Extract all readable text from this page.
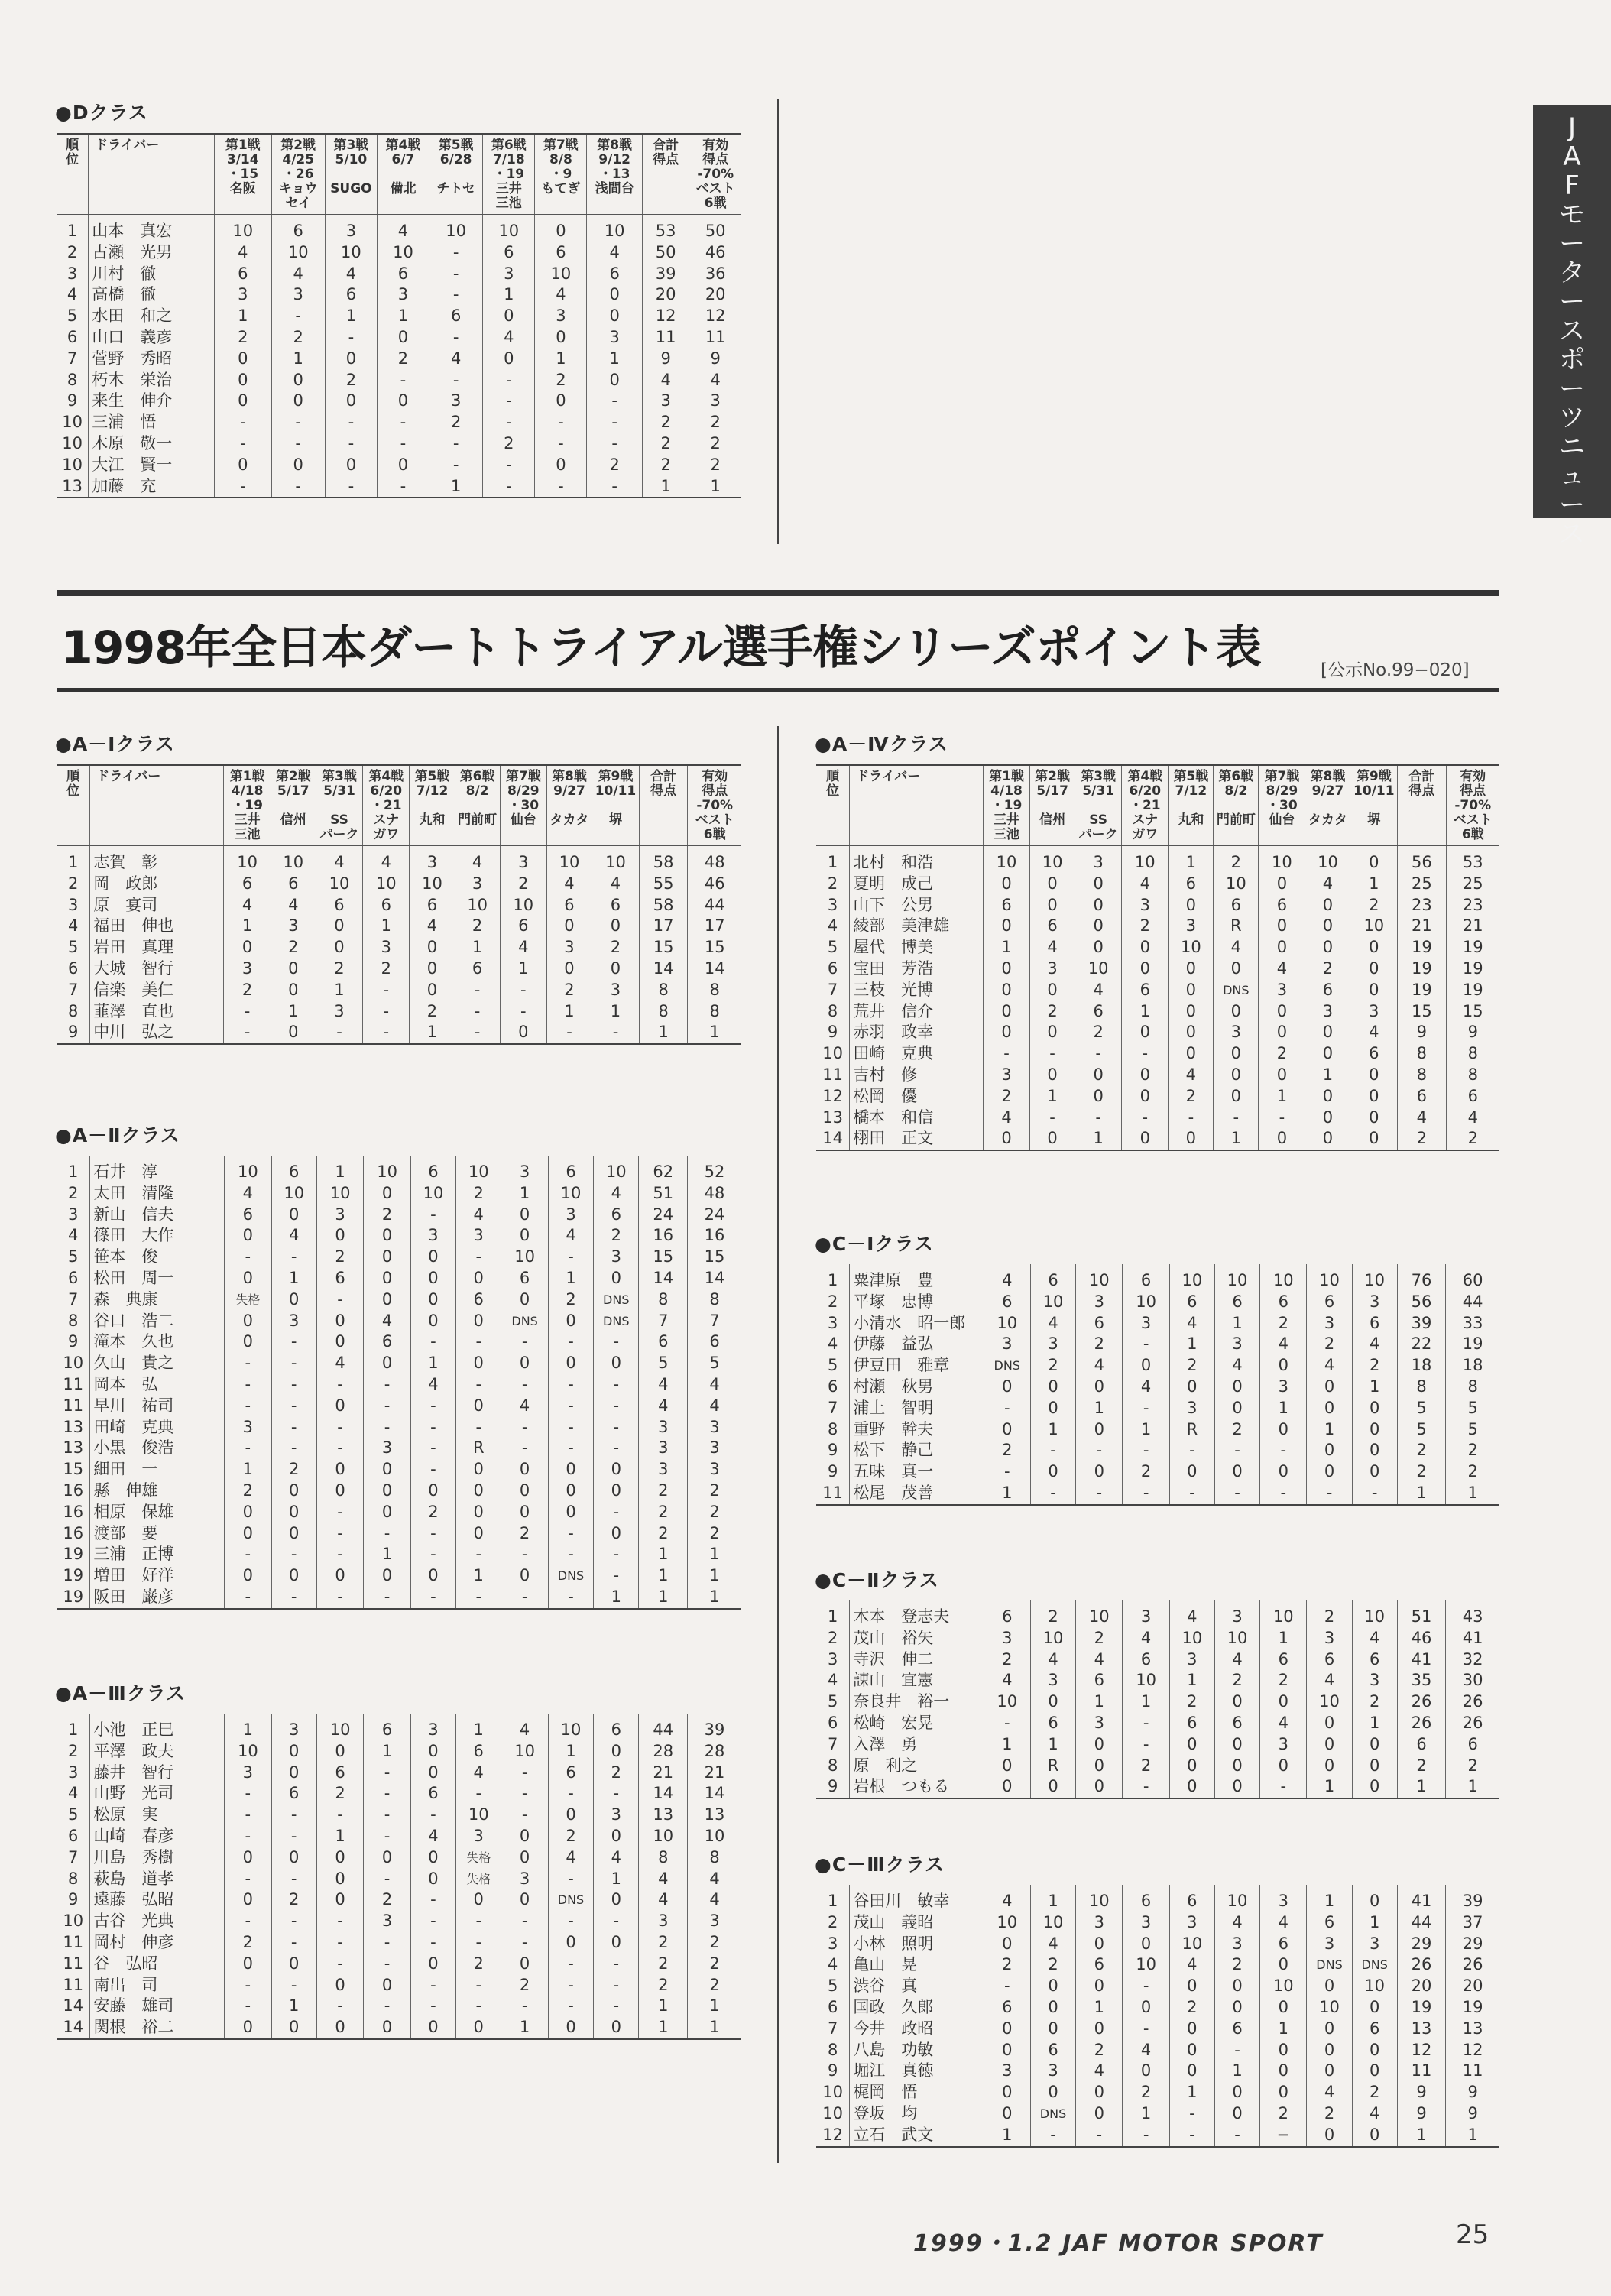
J
A
F
モ
ー
タ
ー
ス
ポ
ー
ツ
ニ
ュ
ー
ス
●Dクラス
順
位	ドライバー	第1戦
3/14
・15
名阪	第2戦
4/25
・26
キョウ
セイ	第3戦
5/10

SUGO	第4戦
6/7

備北	第5戦
6/28

チトセ	第6戦
7/18
・19
三井
三池	第7戦
8/8
・9
もてぎ	第8戦
9/12
・13
浅間台	合計
得点	有効
得点
-70%
ベスト
6戦
1	山本　真宏	10	6	3	4	10	10	0	10	53	50
2	古瀬　光男	4	10	10	10	-	6	6	4	50	46
3	川村　徹	6	4	4	6	-	3	10	6	39	36
4	高橋　徹	3	3	6	3	-	1	4	0	20	20
5	水田　和之	1	-	1	1	6	0	3	0	12	12
6	山口　義彦	2	2	-	0	-	4	0	3	11	11
7	菅野　秀昭	0	1	0	2	4	0	1	1	9	9
8	朽木　栄治	0	0	2	-	-	-	2	0	4	4
9	来生　伸介	0	0	0	0	3	-	0	-	3	3
10	三浦　悟	-	-	-	-	2	-	-	-	2	2
10	木原　敬一	-	-	-	-	-	2	-	-	2	2
10	大江　賢一	0	0	0	0	-	-	0	2	2	2
13	加藤　充	-	-	-	-	1	-	-	-	1	1
1998年全日本ダートトライアル選手権シリーズポイント表	[公示No.99−020]
●A－Ⅰクラス
順
位	ドライバー	第1戦
4/18
・19
三井
三池	第2戦
5/17

信州	第3戦
5/31

SS
パーク	第4戦
6/20
・21
スナ
ガワ	第5戦
7/12

丸和	第6戦
8/2

門前町	第7戦
8/29
・30
仙台	第8戦
9/27

タカタ	第9戦
10/11

堺	合計
得点	有効
得点
-70%
ベスト
6戦
1	志賀　彰	10	10	4	4	3	4	3	10	10	58	48
2	岡　政郎	6	6	10	10	10	3	2	4	4	55	46
3	原　宴司	4	4	6	6	6	10	10	6	6	58	44
4	福田　伸也	1	3	0	1	4	2	6	0	0	17	17
5	岩田　真理	0	2	0	3	0	1	4	3	2	15	15
6	大城　智行	3	0	2	2	0	6	1	0	0	14	14
7	信楽　美仁	2	0	1	-	0	-	-	2	3	8	8
8	韮澤　直也	-	1	3	-	2	-	-	1	1	8	8
9	中川　弘之	-	0	-	-	1	-	0	-	-	1	1
●A－Ⅱクラス
1	石井　淳	10	6	1	10	6	10	3	6	10	62	52
2	太田　清隆	4	10	10	0	10	2	1	10	4	51	48
3	新山　信夫	6	0	3	2	-	4	0	3	6	24	24
4	篠田　大作	0	4	0	0	3	3	0	4	2	16	16
5	笹本　俊	-	-	2	0	0	-	10	-	3	15	15
6	松田　周一	0	1	6	0	0	0	6	1	0	14	14
7	森　典康	失格	0	-	0	0	6	0	2	DNS	8	8
8	谷口　浩二	0	3	0	4	0	0	DNS	0	DNS	7	7
9	滝本　久也	0	-	0	6	-	-	-	-	-	6	6
10	久山　貴之	-	-	4	0	1	0	0	0	0	5	5
11	岡本　弘	-	-	-	-	4	-	-	-	-	4	4
11	早川　祐司	-	-	0	-	-	0	4	-	-	4	4
13	田崎　克典	3	-	-	-	-	-	-	-	-	3	3
13	小黒　俊浩	-	-	-	3	-	R	-	-	-	3	3
15	細田　一	1	2	0	0	-	0	0	0	0	3	3
16	縣　伸雄	2	0	0	0	0	0	0	0	0	2	2
16	相原　保雄	0	0	-	0	2	0	0	0	-	2	2
16	渡部　要	0	0	-	-	-	0	2	-	0	2	2
19	三浦　正博	-	-	-	1	-	-	-	-	-	1	1
19	増田　好洋	0	0	0	0	0	1	0	DNS	-	1	1
19	阪田　巌彦	-	-	-	-	-	-	-	-	1	1	1
●A－Ⅲクラス
1	小池　正巳	1	3	10	6	3	1	4	10	6	44	39
2	平澤　政夫	10	0	0	1	0	6	10	1	0	28	28
3	藤井　智行	3	0	6	-	0	4	-	6	2	21	21
4	山野　光司	-	6	2	-	6	-	-	-	-	14	14
5	松原　実	-	-	-	-	-	10	-	0	3	13	13
6	山崎　春彦	-	-	1	-	4	3	0	2	0	10	10
7	川島　秀樹	0	0	0	0	0	失格	0	4	4	8	8
8	萩島　道孝	-	-	0	-	0	失格	3	-	1	4	4
9	遠藤　弘昭	0	2	0	2	-	0	0	DNS	0	4	4
10	古谷　光典	-	-	-	3	-	-	-	-	-	3	3
11	岡村　伸彦	2	-	-	-	-	-	-	0	0	2	2
11	谷　弘昭	0	0	-	-	0	2	0	-	-	2	2
11	南出　司	-	-	0	0	-	-	2	-	-	2	2
14	安藤　雄司	-	1	-	-	-	-	-	-	-	1	1
14	関根　裕二	0	0	0	0	0	0	1	0	0	1	1
●A－Ⅳクラス
順
位	ドライバー	第1戦
4/18
・19
三井
三池	第2戦
5/17

信州	第3戦
5/31

SS
パーク	第4戦
6/20
・21
スナ
ガワ	第5戦
7/12

丸和	第6戦
8/2

門前町	第7戦
8/29
・30
仙台	第8戦
9/27

タカタ	第9戦
10/11

堺	合計
得点	有効
得点
-70%
ベスト
6戦
1	北村　和浩	10	10	3	10	1	2	10	10	0	56	53
2	夏明　成己	0	0	0	4	6	10	0	4	1	25	25
3	山下　公男	6	0	0	3	0	6	6	0	2	23	23
4	綾部　美津雄	0	6	0	2	3	R	0	0	10	21	21
5	屋代　博美	1	4	0	0	10	4	0	0	0	19	19
6	宝田　芳浩	0	3	10	0	0	0	4	2	0	19	19
7	三枝　光博	0	0	4	6	0	DNS	3	6	0	19	19
8	荒井　信介	0	2	6	1	0	0	0	3	3	15	15
9	赤羽　政幸	0	0	2	0	0	3	0	0	4	9	9
10	田崎　克典	-	-	-	-	0	0	2	0	6	8	8
11	吉村　修	3	0	0	0	4	0	0	1	0	8	8
12	松岡　優	2	1	0	0	2	0	1	0	0	6	6
13	橋本　和信	4	-	-	-	-	-	-	0	0	4	4
14	栩田　正文	0	0	1	0	0	1	0	0	0	2	2
●C－Ⅰクラス
1	粟津原　豊	4	6	10	6	10	10	10	10	10	76	60
2	平塚　忠博	6	10	3	10	6	6	6	6	3	56	44
3	小清水　昭一郎	10	4	6	3	4	1	2	3	6	39	33
4	伊藤　益弘	3	3	2	-	1	3	4	2	4	22	19
5	伊豆田　雅章	DNS	2	4	0	2	4	0	4	2	18	18
6	村瀬　秋男	0	0	0	4	0	0	3	0	1	8	8
7	浦上　智明	-	0	1	-	3	0	1	0	0	5	5
8	重野　幹夫	0	1	0	1	R	2	0	1	0	5	5
9	松下　静己	2	-	-	-	-	-	-	0	0	2	2
9	五味　真一	-	0	0	2	0	0	0	0	0	2	2
11	松尾　茂善	1	-	-	-	-	-	-	-	-	1	1
●C－Ⅱクラス
1	木本　登志夫	6	2	10	3	4	3	10	2	10	51	43
2	茂山　裕矢	3	10	2	4	10	10	1	3	4	46	41
3	寺沢　伸二	2	4	4	6	3	4	6	6	6	41	32
4	諌山　宜憲	4	3	6	10	1	2	2	4	3	35	30
5	奈良井　裕一	10	0	1	1	2	0	0	10	2	26	26
6	松崎　宏晃	-	6	3	-	6	6	4	0	1	26	26
7	入澤　勇	1	1	0	-	0	0	3	0	0	6	6
8	原　利之	0	R	0	2	0	0	0	0	0	2	2
9	岩根　つもる	0	0	0	-	0	0	-	1	0	1	1
●C－Ⅲクラス
1	谷田川　敏幸	4	1	10	6	6	10	3	1	0	41	39
2	茂山　義昭	10	10	3	3	3	4	4	6	1	44	37
3	小林　照明	0	4	0	0	10	3	6	3	3	29	29
4	亀山　晃	2	2	6	10	4	2	0	DNS	DNS	26	26
5	渋谷　真	-	0	0	-	0	0	10	0	10	20	20
6	国政　久郎	6	0	1	0	2	0	0	10	0	19	19
7	今井　政昭	0	0	0	-	0	6	1	0	6	13	13
8	八島　功敏	0	6	2	4	0	-	0	0	0	12	12
9	堀江　真徳	3	3	4	0	0	1	0	0	0	11	11
10	梶岡　悟	0	0	0	2	1	0	0	4	2	9	9
10	登坂　均	0	DNS	0	1	-	0	2	2	4	9	9
12	立石　武文	1	-	-	-	-	-	−	0	0	1	1
1999・1.2 JAF MOTOR SPORT	25
